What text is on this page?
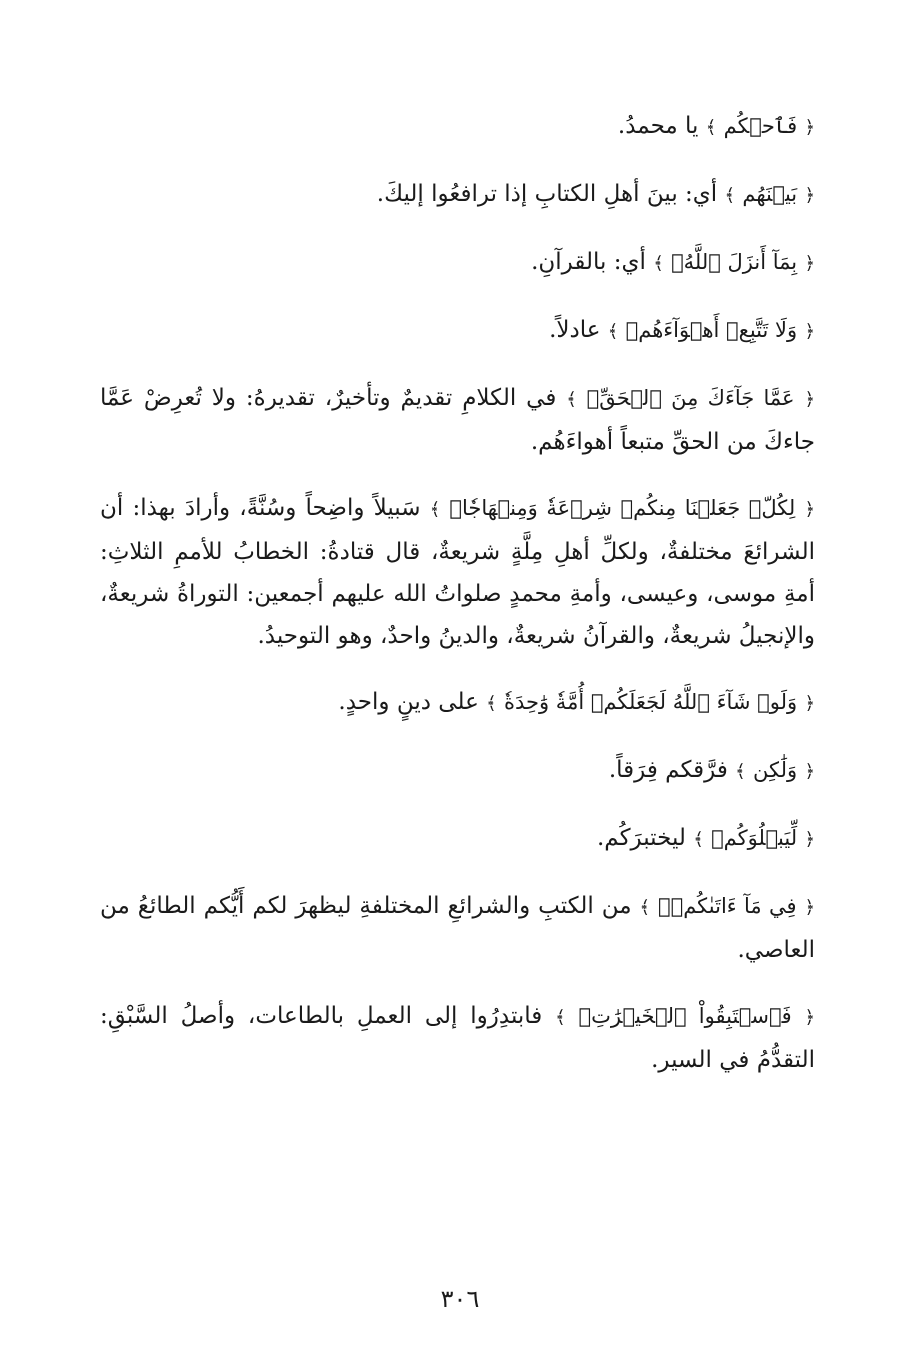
﴿ فَٱحۡكُم ﴾ يا محمدُ.

﴿ بَيۡنَهُم ﴾ أي: بينَ أهلِ الكتابِ إذا ترافعُوا إليكَ.

﴿ بِمَآ أَنزَلَ ٱللَّهُۖ ﴾ أي: بالقرآنِ.

﴿ وَلَا تَتَّبِعۡ أَهۡوَآءَهُمۡ ﴾ عادلاً.

﴿ عَمَّا جَآءَكَ مِنَ ٱلۡحَقِّۚ ﴾ في الكلامِ تقديمٌ وتأخيرٌ، تقديرهُ: ولا تُعرِضْ عَمَّا جاءكَ من الحقِّ متبعاً أهواءَهُم.

﴿ لِكُلّٖ جَعَلۡنَا مِنكُمۡ شِرۡعَةٗ وَمِنۡهَاجٗاۚ ﴾ سَبيلاً واضِحاً وسُنَّةً، وأرادَ بهذا: أن الشرائعَ مختلفةٌ، ولكلِّ أهلِ مِلَّةٍ شريعةٌ، قال قتادةُ: الخطابُ للأممِ الثلاثِ: أمةِ موسى، وعيسى، وأمةِ محمدٍ صلواتُ الله عليهم أجمعين: التوراةُ شريعةٌ، والإنجيلُ شريعةٌ، والقرآنُ شريعةٌ، والدينُ واحدٌ، وهو التوحيدُ.

﴿ وَلَوۡ شَآءَ ٱللَّهُ لَجَعَلَكُمۡ أُمَّةٗ وَٰحِدَةٗ ﴾ على دينٍ واحدٍ.

﴿ وَلَٰكِن ﴾ فرَّقكم فِرَقاً.

﴿ لِّيَبۡلُوَكُمۡ ﴾ ليختبرَكُم.

﴿ فِي مَآ ءَاتَىٰكُمۡۖ ﴾ من الكتبِ والشرائعِ المختلفةِ ليظهرَ لكم أَيُّكم الطائعُ من العاصي.

﴿ فَٱسۡتَبِقُواْ ٱلۡخَيۡرَٰتِۚ ﴾ فابتدِرُوا إلى العملِ بالطاعات، وأصلُ السَّبْقِ: التقدُّمُ في السير.

٣٠٦
